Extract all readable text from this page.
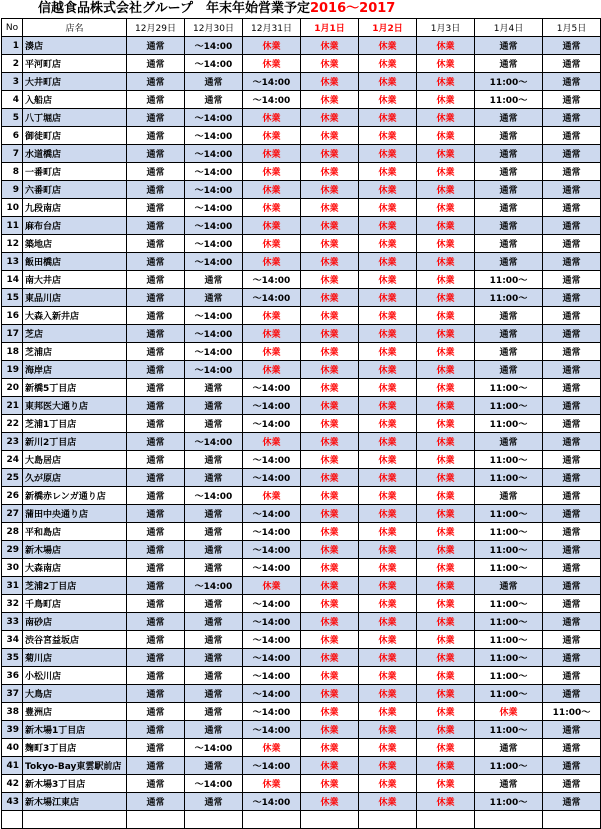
信越食品株式会社グループ　年末年始営業予定2016～2017
No	店名	12月29日	12月30日	12月31日	1月1日	1月2日	1月3日	1月4日	1月5日
1	湊店	通常	～14:00	休業	休業	休業	休業	通常	通常
2	平河町店	通常	～14:00	休業	休業	休業	休業	通常	通常
3	大井町店	通常	通常	～14:00	休業	休業	休業	11:00～	通常
4	入船店	通常	通常	～14:00	休業	休業	休業	11:00～	通常
5	八丁堀店	通常	～14:00	休業	休業	休業	休業	通常	通常
6	御徒町店	通常	～14:00	休業	休業	休業	休業	通常	通常
7	水道橋店	通常	～14:00	休業	休業	休業	休業	通常	通常
8	一番町店	通常	～14:00	休業	休業	休業	休業	通常	通常
9	六番町店	通常	～14:00	休業	休業	休業	休業	通常	通常
10	九段南店	通常	～14:00	休業	休業	休業	休業	通常	通常
11	麻布台店	通常	～14:00	休業	休業	休業	休業	通常	通常
12	築地店	通常	～14:00	休業	休業	休業	休業	通常	通常
13	飯田橋店	通常	～14:00	休業	休業	休業	休業	通常	通常
14	南大井店	通常	通常	～14:00	休業	休業	休業	11:00～	通常
15	東品川店	通常	通常	～14:00	休業	休業	休業	11:00～	通常
16	大森入新井店	通常	～14:00	休業	休業	休業	休業	通常	通常
17	芝店	通常	～14:00	休業	休業	休業	休業	通常	通常
18	芝浦店	通常	～14:00	休業	休業	休業	休業	通常	通常
19	海岸店	通常	～14:00	休業	休業	休業	休業	通常	通常
20	新橋5丁目店	通常	通常	～14:00	休業	休業	休業	11:00～	通常
21	東邦医大通り店	通常	通常	～14:00	休業	休業	休業	11:00～	通常
22	芝浦1丁目店	通常	通常	～14:00	休業	休業	休業	11:00～	通常
23	新川2丁目店	通常	～14:00	休業	休業	休業	休業	通常	通常
24	大島居店	通常	通常	～14:00	休業	休業	休業	11:00～	通常
25	久が原店	通常	通常	～14:00	休業	休業	休業	11:00～	通常
26	新橋赤レンガ通り店	通常	～14:00	休業	休業	休業	休業	通常	通常
27	蒲田中央通り店	通常	通常	～14:00	休業	休業	休業	11:00～	通常
28	平和島店	通常	通常	～14:00	休業	休業	休業	11:00～	通常
29	新木場店	通常	通常	～14:00	休業	休業	休業	11:00～	通常
30	大森南店	通常	通常	～14:00	休業	休業	休業	11:00～	通常
31	芝浦2丁目店	通常	～14:00	休業	休業	休業	休業	通常	通常
32	千鳥町店	通常	通常	～14:00	休業	休業	休業	11:00～	通常
33	南砂店	通常	通常	～14:00	休業	休業	休業	11:00～	通常
34	渋谷宮益坂店	通常	通常	～14:00	休業	休業	休業	11:00～	通常
35	菊川店	通常	通常	～14:00	休業	休業	休業	11:00～	通常
36	小松川店	通常	通常	～14:00	休業	休業	休業	11:00～	通常
37	大鳥店	通常	通常	～14:00	休業	休業	休業	11:00～	通常
38	豊洲店	通常	通常	～14:00	休業	休業	休業	休業	11:00～
39	新木場1丁目店	通常	通常	～14:00	休業	休業	休業	11:00～	通常
40	麹町3丁目店	通常	～14:00	休業	休業	休業	休業	通常	通常
41	Tokyo-Bay東雲駅前店	通常	通常	～14:00	休業	休業	休業	11:00～	通常
42	新木場3丁目店	通常	～14:00	休業	休業	休業	休業	通常	通常
43	新木場江東店	通常	通常	～14:00	休業	休業	休業	11:00～	通常
